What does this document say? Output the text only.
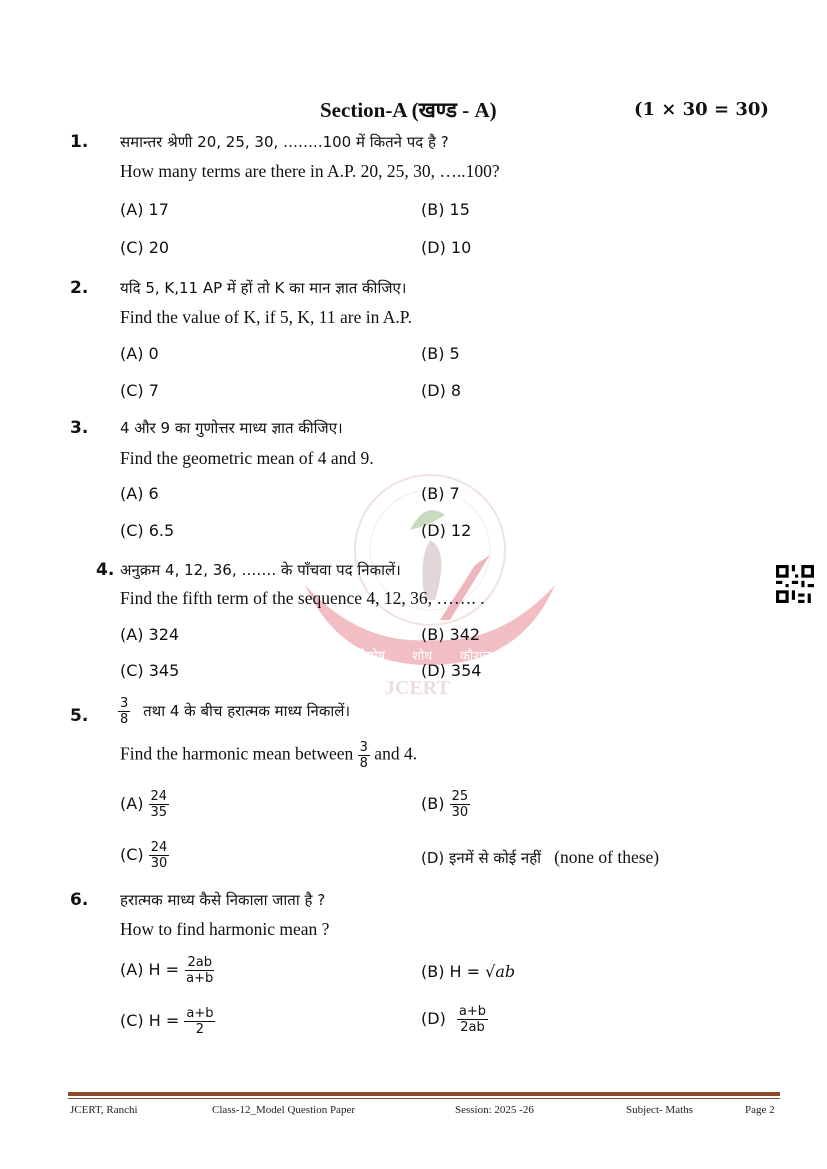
Section-A (खण्ड - A)	(1 × 30 = 30)
नवोन्मेष शोध कौशल
JCERT
1. समान्तर श्रेणी 20, 25, 30, ……..100 में कितने पद है ?
How many terms are there in A.P. 20, 25, 30, …..100?
(A) 17	(B) 15
(C) 20	(D) 10
2. यदि 5, K,11 AP में हों तो K का मान ज्ञात कीजिए।
Find the value of K, if 5, K, 11 are in A.P.
(A) 0	(B) 5
(C) 7	(D) 8
3. 4 और 9 का गुणोत्तर माध्य ज्ञात कीजिए।
Find the geometric mean of 4 and 9.
(A) 6	(B) 7
(C) 6.5	(D) 12
4. अनुक्रम 4, 12, 36, ……. के पाँचवा पद निकालें।
Find the fifth term of the sequence 4, 12, 36, ……. .
(A) 324	(B) 342
(C) 345	(D) 354
5. $\frac{3}{8}$ तथा 4 के बीच हरात्मक माध्य निकालें।
Find the harmonic mean between $\frac{3}{8}$ and 4.
$(A) \frac{24}{35}$	$(B) \frac{25}{30}$
$(C) \frac{24}{30}$	(D) इनमें से कोई नहीं (none of these)
6. हरात्मक माध्य कैसे निकाला जाता है ?
How to find harmonic mean ?
(A) $H = \frac{2ab}{a+b}$	(B) H = √ab
(C) $H = \frac{a+b}{2}$	$(D) \frac{a+b}{2ab}$
JCERT, Ranchi	Class-12_Model Question Paper	Session: 2025 -26	Subject- Maths	Page 2
